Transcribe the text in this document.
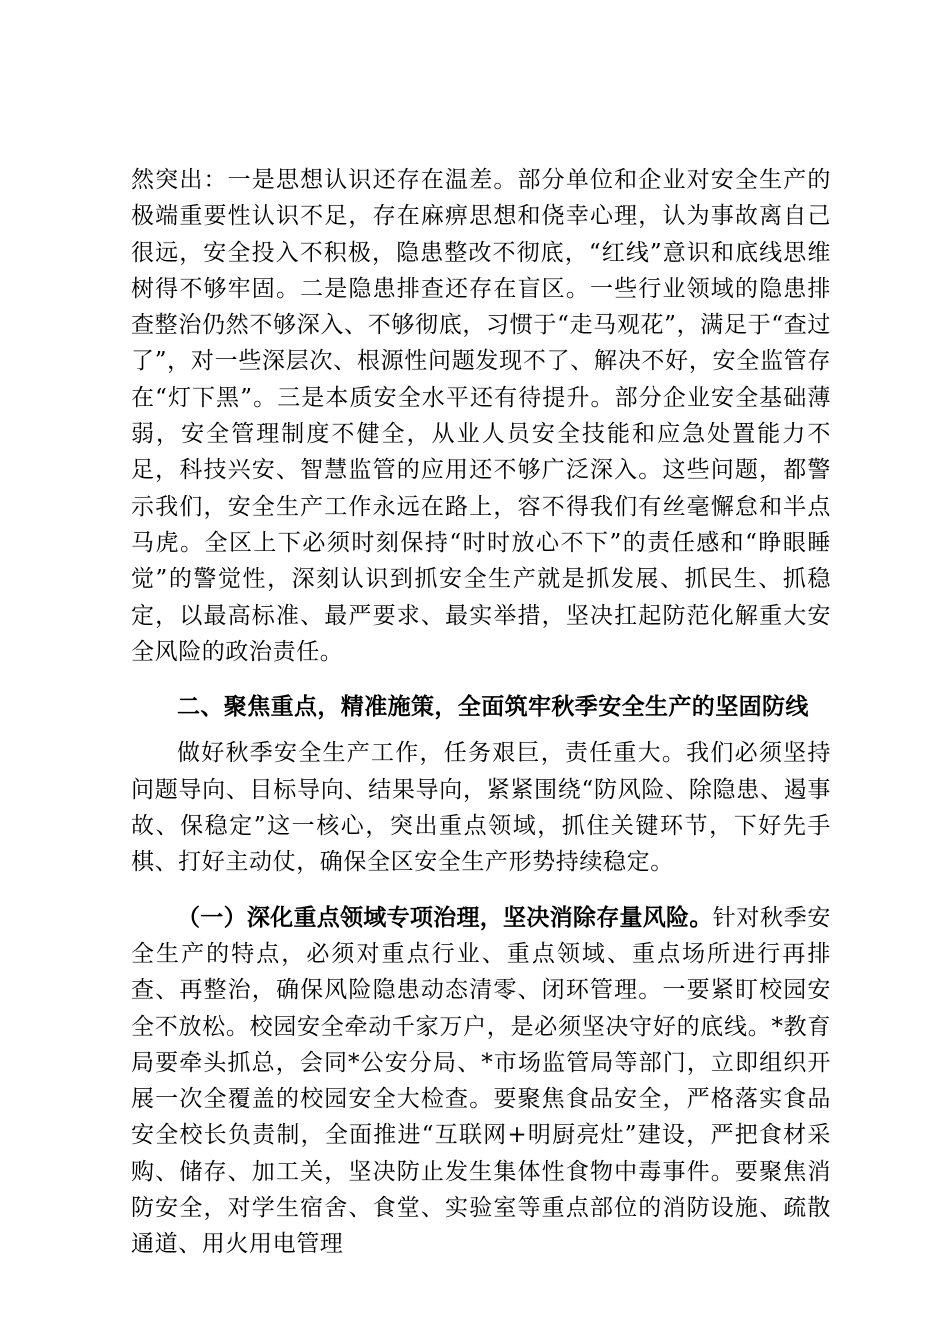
然突出：一是思想认识还存在温差。部分单位和企业对安全生产的极端重要性认识不足，存在麻痹思想和侥幸心理，认为事故离自己很远，安全投入不积极，隐患整改不彻底，“红线”意识和底线思维树得不够牢固。二是隐患排查还存在盲区。一些行业领域的隐患排查整治仍然不够深入、不够彻底，习惯于“走马观花”，满足于“查过了”，对一些深层次、根源性问题发现不了、解决不好，安全监管存在“灯下黑”。三是本质安全水平还有待提升。部分企业安全基础薄弱，安全管理制度不健全，从业人员安全技能和应急处置能力不足，科技兴安、智慧监管的应用还不够广泛深入。这些问题，都警示我们，安全生产工作永远在路上，容不得我们有丝毫懈怠和半点马虎。全区上下必须时刻保持“时时放心不下”的责任感和“睁眼睡觉”的警觉性，深刻认识到抓安全生产就是抓发展、抓民生、抓稳定，以最高标准、最严要求、最实举措，坚决扛起防范化解重大安全风险的政治责任。

二、聚焦重点，精准施策，全面筑牢秋季安全生产的坚固防线

做好秋季安全生产工作，任务艰巨，责任重大。我们必须坚持问题导向、目标导向、结果导向，紧紧围绕“防风险、除隐患、遏事故、保稳定”这一核心，突出重点领域，抓住关键环节，下好先手棋、打好主动仗，确保全区安全生产形势持续稳定。

（一）深化重点领域专项治理，坚决消除存量风险。针对秋季安全生产的特点，必须对重点行业、重点领域、重点场所进行再排查、再整治，确保风险隐患动态清零、闭环管理。一要紧盯校园安全不放松。校园安全牵动千家万户，是必须坚决守好的底线。*教育局要牵头抓总，会同*公安分局、*市场监管局等部门，立即组织开展一次全覆盖的校园安全大检查。要聚焦食品安全，严格落实食品安全校长负责制，全面推进“互联网+明厨亮灶”建设，严把食材采购、储存、加工关，坚决防止发生集体性食物中毒事件。要聚焦消防安全，对学生宿舍、食堂、实验室等重点部位的消防设施、疏散通道、用火用电管理
